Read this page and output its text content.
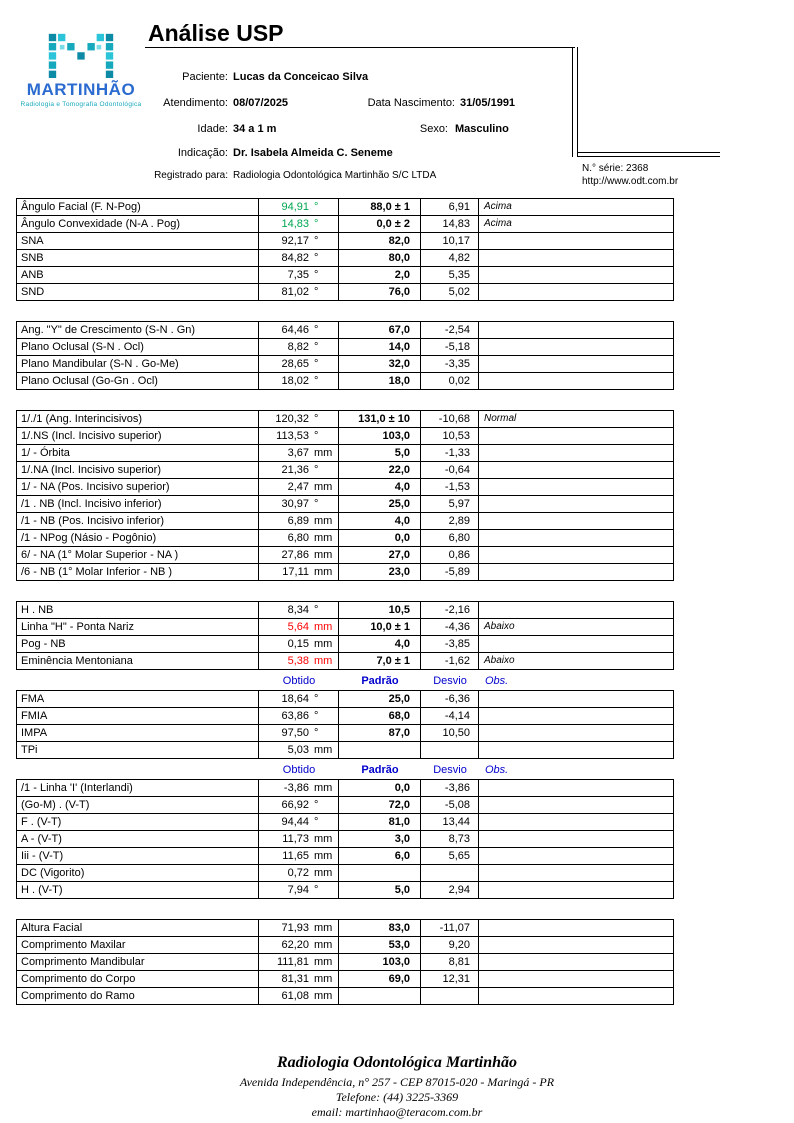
MARTINHÃO
Radiologia e Tomografia Odontológica
Análise USP
N.° série: 2368
http://www.odt.com.br
Paciente: Lucas da Conceicao Silva
Atendimento: 08/07/2025	Data Nascimento: 31/05/1991
Idade: 34 a 1 m	Sexo: Masculino
Indicação: Dr. Isabela Almeida C. Seneme
Registrado para: Radiologia Odontológica Martinhão S/C LTDA
Ângulo Facial (F. N-Pog)	94,91 °	88,0 ± 1	6,91	Acima
Ângulo Convexidade (N-A . Pog)	14,83 °	0,0 ± 2	14,83	Acima
SNA	92,17 °	82,0	10,17
SNB	84,82 °	80,0	4,82
ANB	7,35 °	2,0	5,35
SND	81,02 °	76,0	5,02
Ang. "Y" de Crescimento (S-N . Gn)	64,46 °	67,0	-2,54
Plano Oclusal (S-N . Ocl)	8,82 °	14,0	-5,18
Plano Mandibular (S-N . Go-Me)	28,65 °	32,0	-3,35
Plano Oclusal (Go-Gn . Ocl)	18,02 °	18,0	0,02
1/./1 (Ang. Interincisivos)	120,32 °	131,0 ± 10	-10,68	Normal
1/.NS (Incl. Incisivo superior)	113,53 °	103,0	10,53
1/ - Órbita	3,67 mm	5,0	-1,33
1/.NA (Incl. Incisivo superior)	21,36 °	22,0	-0,64
1/ - NA (Pos. Incisivo superior)	2,47 mm	4,0	-1,53
/1 . NB (Incl. Incisivo inferior)	30,97 °	25,0	5,97
/1 - NB (Pos. Incisivo inferior)	6,89 mm	4,0	2,89
/1 - NPog (Násio - Pogônio)	6,80 mm	0,0	6,80
6/ - NA (1° Molar Superior - NA )	27,86 mm	27,0	0,86
/6 - NB (1° Molar Inferior - NB )	17,11 mm	23,0	-5,89
H . NB	8,34 °	10,5	-2,16
Linha "H" - Ponta Nariz	5,64 mm	10,0 ± 1	-4,36	Abaixo
Pog - NB	0,15 mm	4,0	-3,85
Eminência Mentoniana	5,38 mm	7,0 ± 1	-1,62	Abaixo
Obtido	Padrão	Desvio	Obs.
FMA	18,64 °	25,0	-6,36
FMIA	63,86 °	68,0	-4,14
IMPA	97,50 °	87,0	10,50
TPi	5,03 mm
Obtido	Padrão	Desvio	Obs.
/1 - Linha 'I' (Interlandi)	-3,86 mm	0,0	-3,86
(Go-M) . (V-T)	66,92 °	72,0	-5,08
F . (V-T)	94,44 °	81,0	13,44
A - (V-T)	11,73 mm	3,0	8,73
Iii - (V-T)	11,65 mm	6,0	5,65
DC (Vigorito)	0,72 mm
H . (V-T)	7,94 °	5,0	2,94
Altura Facial	71,93 mm	83,0	-11,07
Comprimento Maxilar	62,20 mm	53,0	9,20
Comprimento Mandibular	111,81 mm	103,0	8,81
Comprimento do Corpo	81,31 mm	69,0	12,31
Comprimento do Ramo	61,08 mm
Radiologia Odontológica Martinhão
Avenida Independência, n° 257 - CEP 87015-020 - Maringá - PR
Telefone: (44) 3225-3369
email: martinhao@teracom.com.br
